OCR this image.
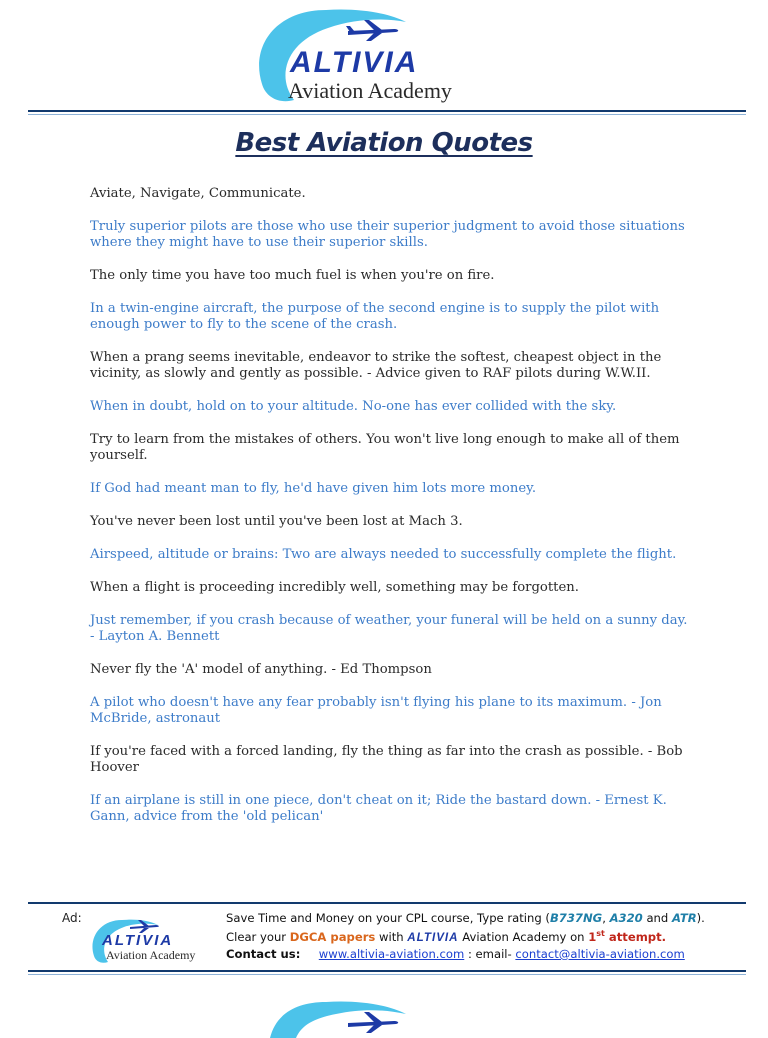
ALTIVIA
Aviation Academy
Best Aviation Quotes

Aviate, Navigate, Communicate.

Truly superior pilots are those who use their superior judgment to avoid those situations where they might have to use their superior skills.

The only time you have too much fuel is when you're on fire.

In a twin-engine aircraft, the purpose of the second engine is to supply the pilot with enough power to fly to the scene of the crash.

When a prang seems inevitable, endeavor to strike the softest, cheapest object in the vicinity, as slowly and gently as possible. - Advice given to RAF pilots during W.W.II.

When in doubt, hold on to your altitude. No-one has ever collided with the sky.

Try to learn from the mistakes of others. You won't live long enough to make all of them yourself.

If God had meant man to fly, he'd have given him lots more money.

You've never been lost until you've been lost at Mach 3.

Airspeed, altitude or brains: Two are always needed to successfully complete the flight.

When a flight is proceeding incredibly well, something may be forgotten.

Just remember, if you crash because of weather, your funeral will be held on a sunny day. - Layton A. Bennett

Never fly the 'A' model of anything. - Ed Thompson

A pilot who doesn't have any fear probably isn't flying his plane to its maximum. - Jon McBride, astronaut

If you're faced with a forced landing, fly the thing as far into the crash as possible. - Bob Hoover

If an airplane is still in one piece, don't cheat on it; Ride the bastard down. - Ernest K. Gann, advice from the 'old pelican'

Ad:
ALTIVIA
Aviation Academy
Save Time and Money on your CPL course, Type rating (B737NG, A320 and ATR).
Clear your DGCA papers with ALTIVIA Aviation Academy on 1st attempt.
Contact us: www.altivia-aviation.com : email- contact@altivia-aviation.com
